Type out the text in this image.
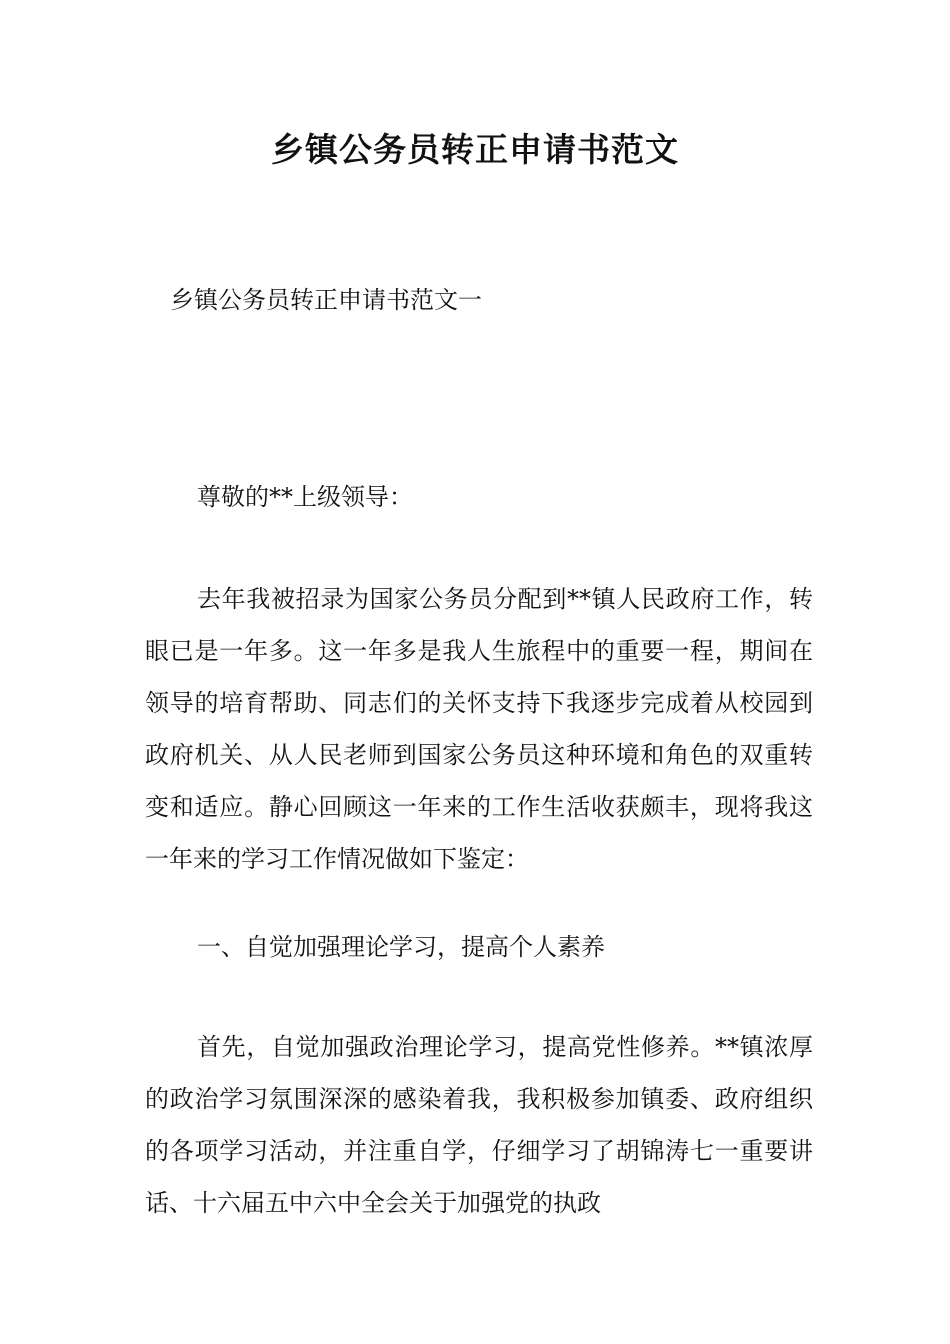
乡镇公务员转正申请书范文
乡镇公务员转正申请书范文一
尊敬的**上级领导：

去年我被招录为国家公务员分配到**镇人民政府工作，转眼已是一年多。这一年多是我人生旅程中的重要一程，期间在领导的培育帮助、同志们的关怀支持下我逐步完成着从校园到政府机关、从人民老师到国家公务员这种环境和角色的双重转变和适应。静心回顾这一年来的工作生活收获颇丰，现将我这一年来的学习工作情况做如下鉴定：

一、自觉加强理论学习，提高个人素养

首先，自觉加强政治理论学习，提高党性修养。**镇浓厚的政治学习氛围深深的感染着我，我积极参加镇委、政府组织的各项学习活动，并注重自学，仔细学习了胡锦涛七一重要讲话、十六届五中六中全会关于加强党的执政
